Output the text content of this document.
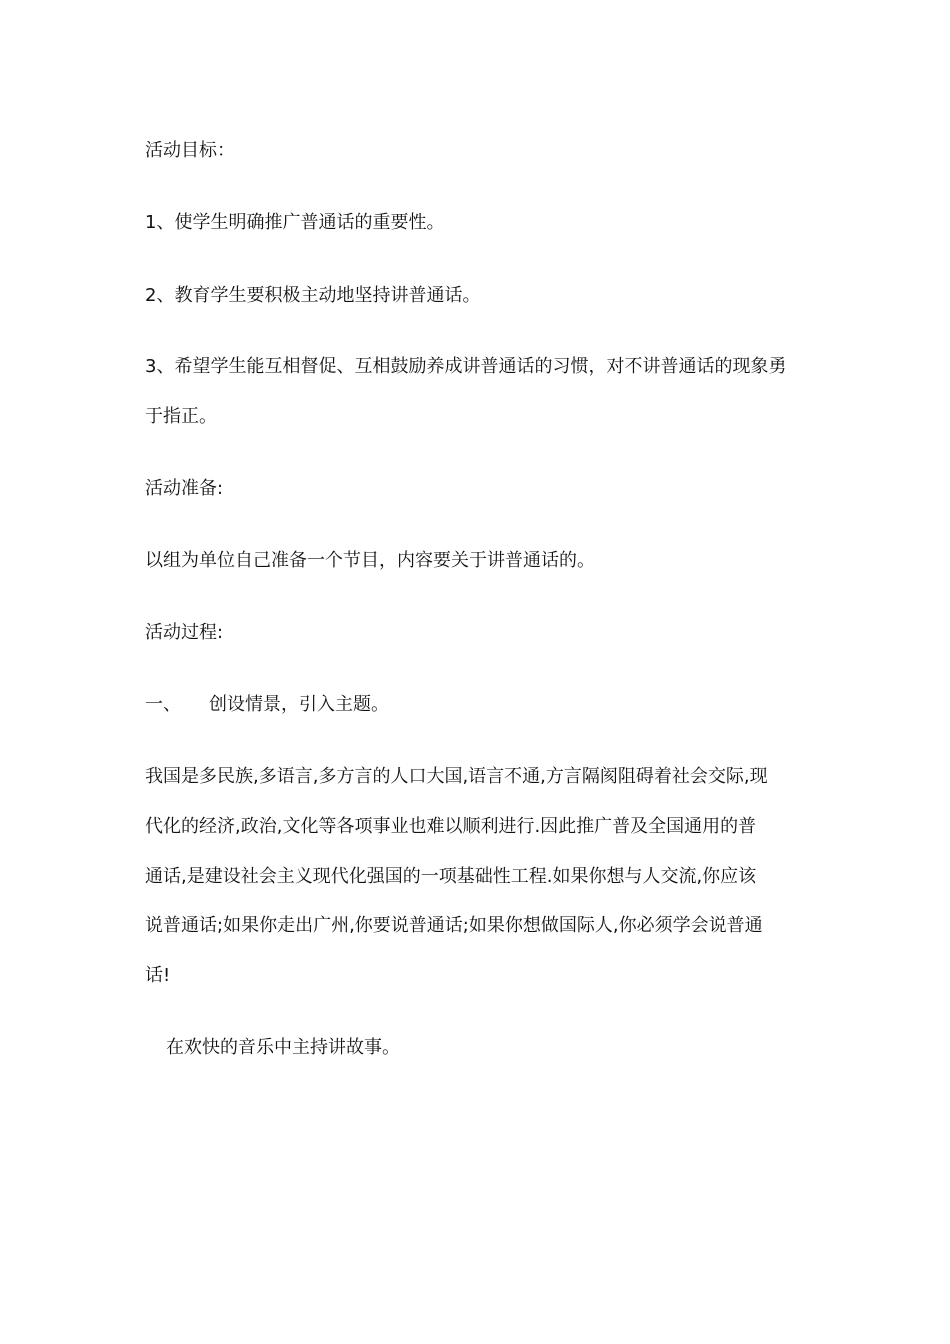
活动目标：
1、使学生明确推广普通话的重要性。
2、教育学生要积极主动地坚持讲普通话。
3、希望学生能互相督促、互相鼓励养成讲普通话的习惯，对不讲普通话的现象勇
于指正。
活动准备:
以组为单位自己准备一个节目，内容要关于讲普通话的。
活动过程:
一、 创设情景，引入主题。
我国是多民族,多语言,多方言的人口大国,语言不通,方言隔阂阻碍着社会交际,现
代化的经济,政治,文化等各项事业也难以顺利进行.因此推广普及全国通用的普
通话,是建设社会主义现代化强国的一项基础性工程.如果你想与人交流,你应该
说普通话;如果你走出广州,你要说普通话;如果你想做国际人,你必须学会说普通
话!
在欢快的音乐中主持讲故事。
